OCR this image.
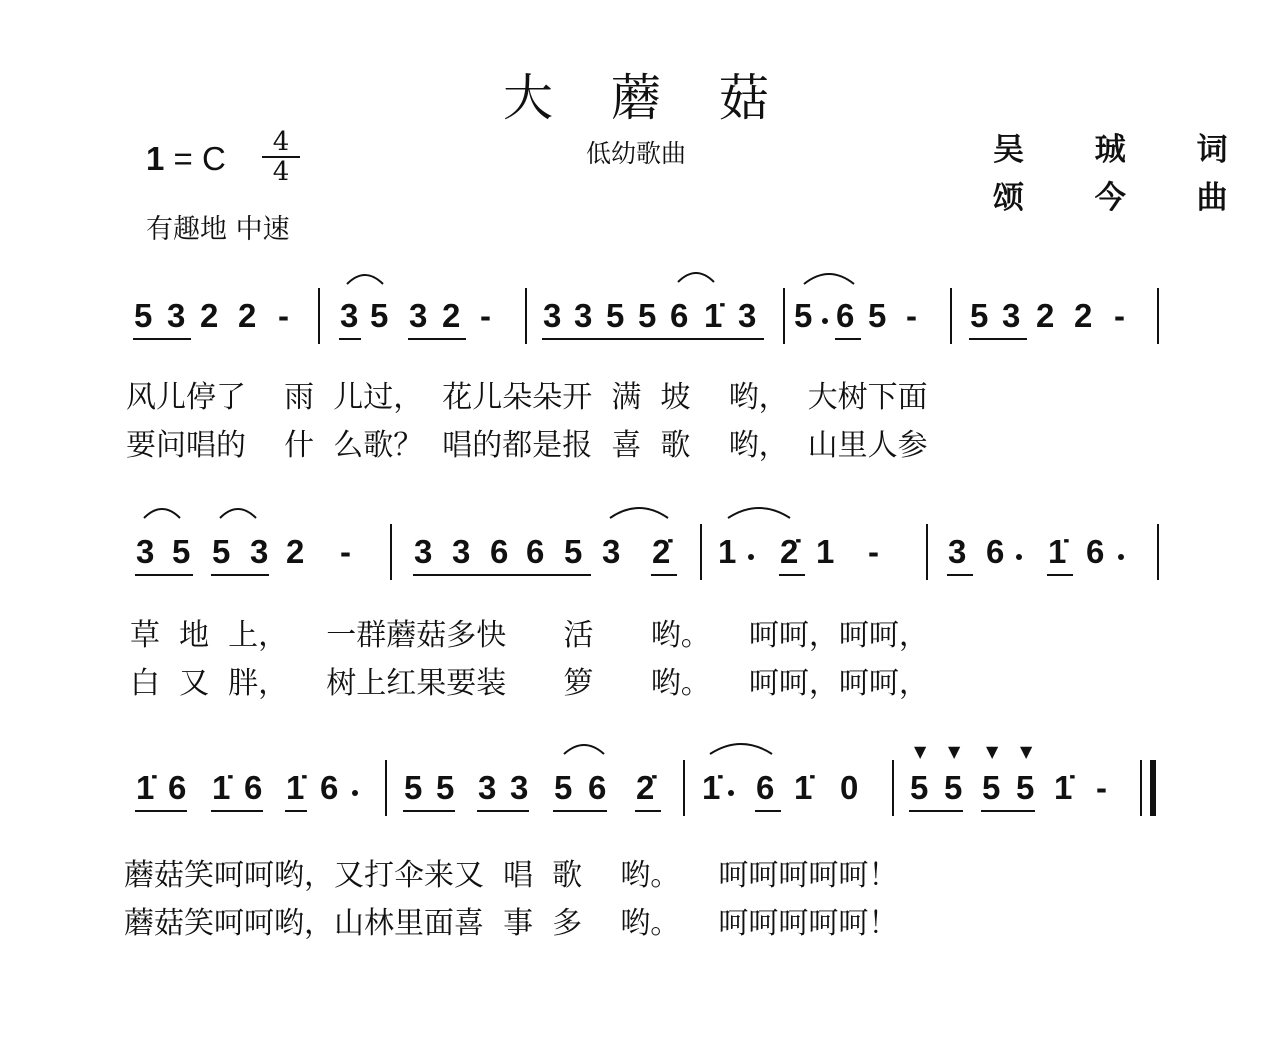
大蘑菇
低幼歌曲	吴 珹 词
颂 今 曲
1 = C	4
4
有趣地 中速
5 3 2 2 - 3 5 3 2 - 3 3 5 5 6 1̇ 3 5 6 5 - 5 3 2 2 -
风儿停了    雨  儿过，  花儿朵朵开  满  坡    哟，  大树下面
要问唱的    什  么歌？  唱的都是报  喜  歌    哟，  山里人参
3 5 5 3 2 - 3 3 6 6 5 3 2̇ 1 2̇ 1 - 3 6 1̇ 6
草  地  上，    一群蘑菇多快      活      哟。    呵呵，呵呵，
白  又  胖，    树上红果要装      箩      哟。    呵呵，呵呵，
1̇ 6 1̇ 6 1̇ 6 5 5 3 3 5 6 2̇ 1̇ 6 1̇ 0
▼ ▼ ▼ ▼
5 5 5 5 1̇ -
蘑菇笑呵呵哟，又打伞来又  唱  歌    哟。    呵呵呵呵呵！
蘑菇笑呵呵哟，山林里面喜  事  多    哟。    呵呵呵呵呵！
